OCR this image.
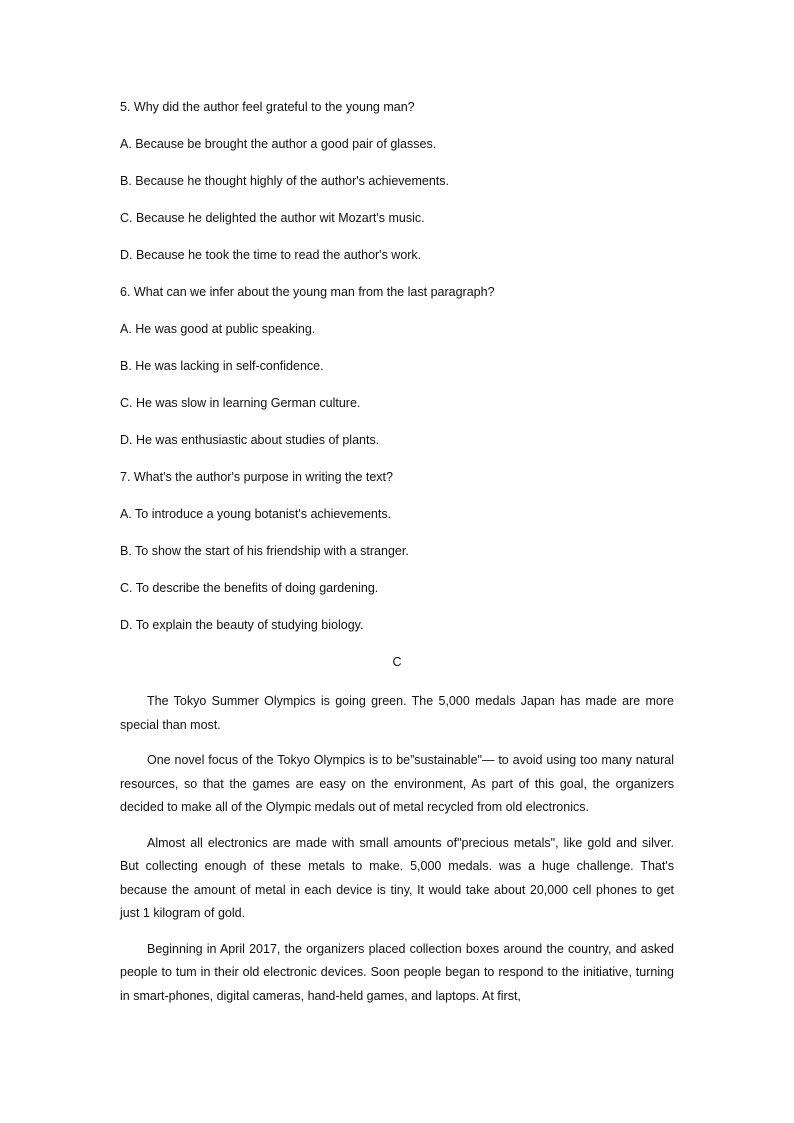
5. Why did the author feel grateful to the young man?
A. Because be brought the author a good pair of glasses.
B. Because he thought highly of the author's achievements.
C. Because he delighted the author wit Mozart's music.
D. Because he took the time to read the author's work.
6. What can we infer about the young man from the last paragraph?
A. He was good at public speaking.
B. He was lacking in self-confidence.
C. He was slow in learning German culture.
D. He was enthusiastic about studies of plants.
7. What's the author's purpose in writing the text?
A. To introduce a young botanist's achievements.
B. To show the start of his friendship with a stranger.
C. To describe the benefits of doing gardening.
D. To explain the beauty of studying biology.
C

The Tokyo Summer Olympics is going green. The 5,000 medals Japan has made are more special than most.

One novel focus of the Tokyo Olympics is to be”sustainable"— to avoid using too many natural resources, so that the games are easy on the environment, As part of this goal, the organizers decided to make all of the Olympic medals out of metal recycled from old electronics.

Almost all electronics are made with small amounts of"precious metals", like gold and silver. But collecting enough of these metals to make. 5,000 medals. was a huge challenge. That's because the amount of metal in each device is tiny, It would take about 20,000 cell phones to get just 1 kilogram of gold.

Beginning in April 2017, the organizers placed collection boxes around the country, and asked people to tum in their old electronic devices. Soon people began to respond to the initiative, turning in smart-phones, digital cameras, hand-held games, and laptops. At first,
